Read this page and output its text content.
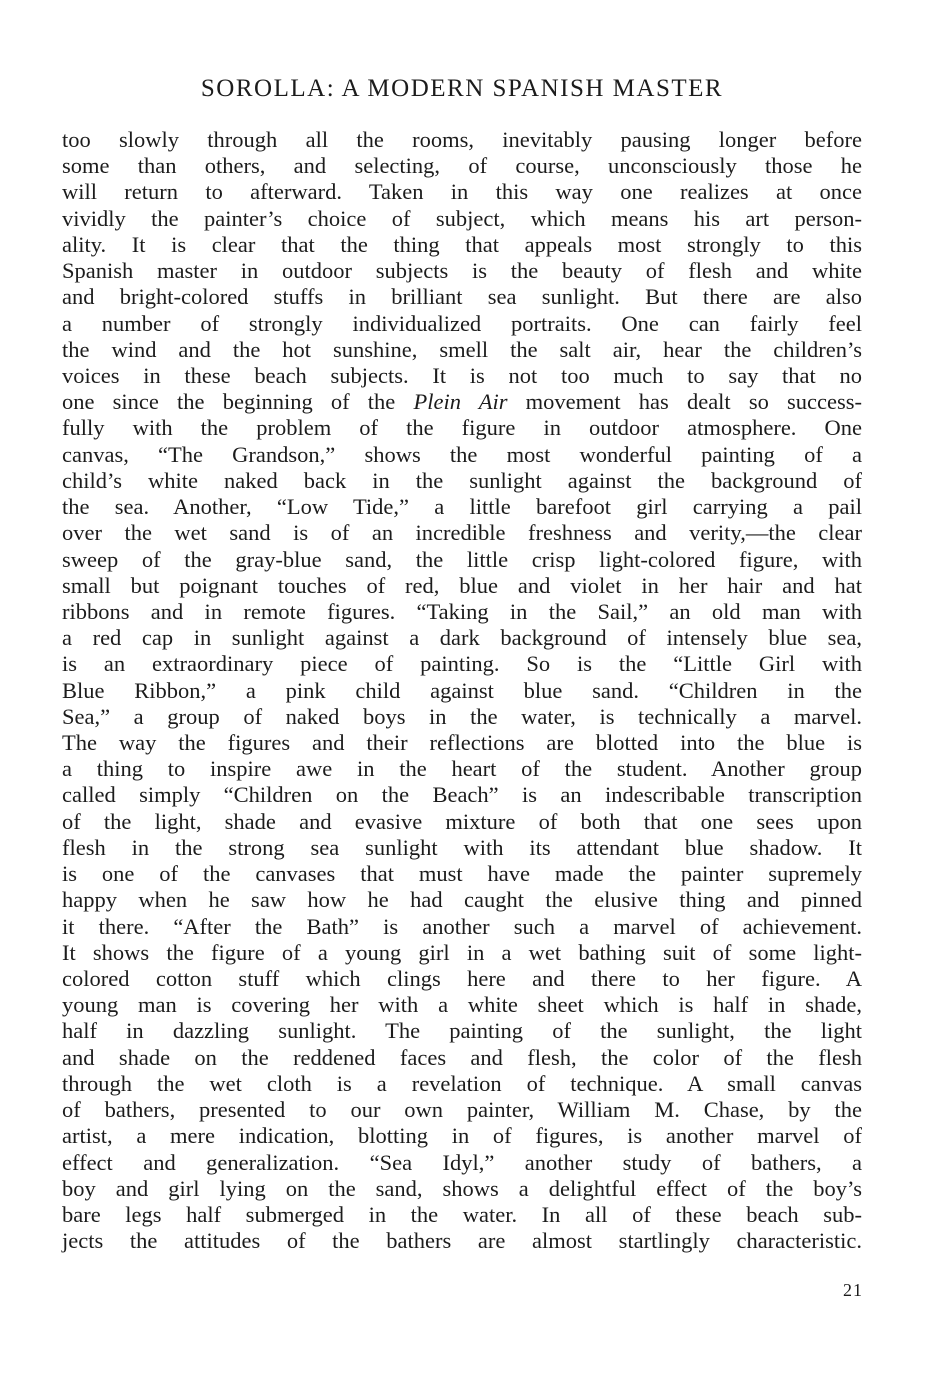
SOROLLA: A MODERN SPANISH MASTER
too slowly through all the rooms, inevitably pausing longer before
some than others, and selecting, of course, unconsciously those he
will return to afterward. Taken in this way one realizes at once
vividly the painter’s choice of subject, which means his art person-
ality. It is clear that the thing that appeals most strongly to this
Spanish master in outdoor subjects is the beauty of flesh and white
and bright-colored stuffs in brilliant sea sunlight. But there are also
a number of strongly individualized portraits. One can fairly feel
the wind and the hot sunshine, smell the salt air, hear the children’s
voices in these beach subjects. It is not too much to say that no
one since the beginning of the Plein Air movement has dealt so success-
fully with the problem of the figure in outdoor atmosphere. One
canvas, “The Grandson,” shows the most wonderful painting of a
child’s white naked back in the sunlight against the background of
the sea. Another, “Low Tide,” a little barefoot girl carrying a pail
over the wet sand is of an incredible freshness and verity,—the clear
sweep of the gray-blue sand, the little crisp light-colored figure, with
small but poignant touches of red, blue and violet in her hair and hat
ribbons and in remote figures. “Taking in the Sail,” an old man with
a red cap in sunlight against a dark background of intensely blue sea,
is an extraordinary piece of painting. So is the “Little Girl with
Blue Ribbon,” a pink child against blue sand. “Children in the
Sea,” a group of naked boys in the water, is technically a marvel.
The way the figures and their reflections are blotted into the blue is
a thing to inspire awe in the heart of the student. Another group
called simply “Children on the Beach” is an indescribable transcription
of the light, shade and evasive mixture of both that one sees upon
flesh in the strong sea sunlight with its attendant blue shadow. It
is one of the canvases that must have made the painter supremely
happy when he saw how he had caught the elusive thing and pinned
it there. “After the Bath” is another such a marvel of achievement.
It shows the figure of a young girl in a wet bathing suit of some light-
colored cotton stuff which clings here and there to her figure. A
young man is covering her with a white sheet which is half in shade,
half in dazzling sunlight. The painting of the sunlight, the light
and shade on the reddened faces and flesh, the color of the flesh
through the wet cloth is a revelation of technique. A small canvas
of bathers, presented to our own painter, William M. Chase, by the
artist, a mere indication, blotting in of figures, is another marvel of
effect and generalization. “Sea Idyl,” another study of bathers, a
boy and girl lying on the sand, shows a delightful effect of the boy’s
bare legs half submerged in the water. In all of these beach sub-
jects the attitudes of the bathers are almost startlingly characteristic.
21
